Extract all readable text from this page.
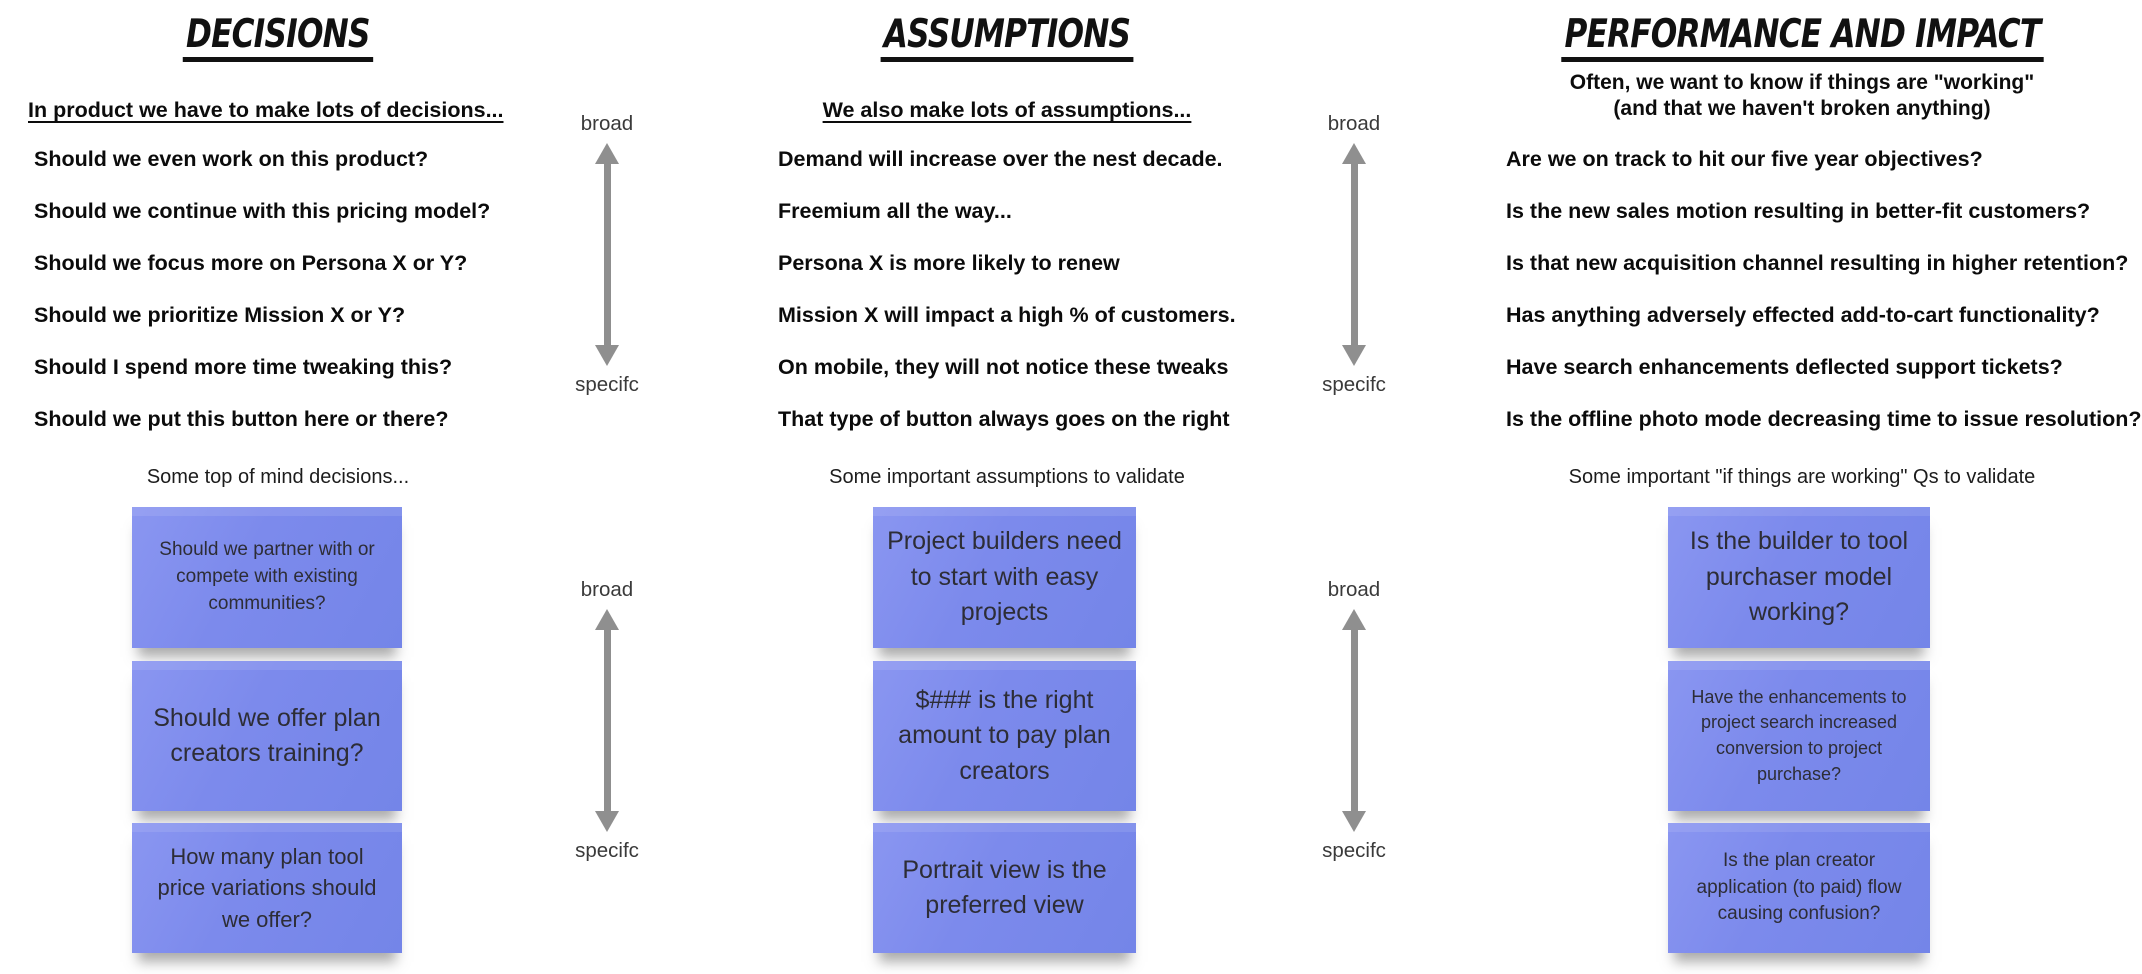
DECISIONS
In product we have to make lots of decisions...
Should we even work on this product?
Should we continue with this pricing model?
Should we focus more on Persona X or Y?
Should we prioritize Mission X or Y?
Should I spend more time tweaking this?
Should we put this button here or there?
Some top of mind decisions...
Should we partner with or compete with existing communities?
Should we offer plan creators training?
How many plan tool price variations should we offer?
broad
specifc
broad
specifc
ASSUMPTIONS
We also make lots of assumptions...
Demand will increase over the nest decade.
Freemium all the way...
Persona X is more likely to renew
Mission X will impact a high % of customers.
On mobile, they will not notice these tweaks
That type of button always goes on the right
Some important assumptions to validate
Project builders need to start with easy projects
$### is the right amount to pay plan creators
Portrait view is the preferred view
broad
specifc
broad
specifc
PERFORMANCE AND IMPACT
Often, we want to know if things are "working"
(and that we haven't broken anything)
Are we on track to hit our five year objectives?
Is the new sales motion resulting in better-fit customers?
Is that new acquisition channel resulting in higher retention?
Has anything adversely effected add-to-cart functionality?
Have search enhancements deflected support tickets?
Is the offline photo mode decreasing time to issue resolution?
Some important "if things are working" Qs to validate
Is the builder to tool purchaser model working?
Have the enhancements to project search increased conversion to project purchase?
Is the plan creator application (to paid) flow causing confusion?
